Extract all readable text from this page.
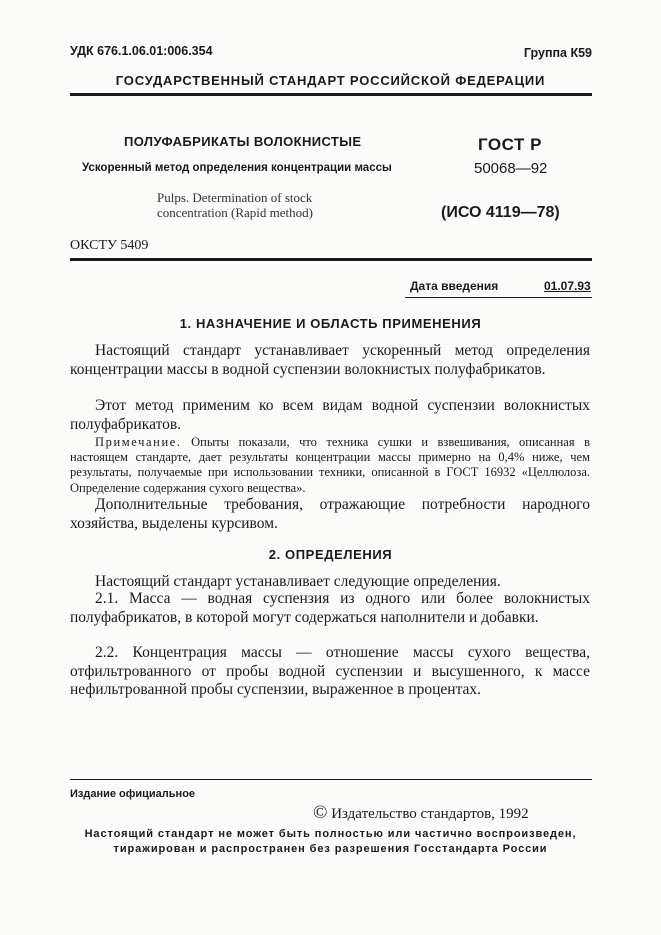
УДК 676.1.06.01:006.354	Группа К59
ГОСУДАРСТВЕННЫЙ СТАНДАРТ РОССИЙСКОЙ ФЕДЕРАЦИИ
ПОЛУФАБРИКАТЫ ВОЛОКНИСТЫЕ
Ускоренный метод определения концентрации массы
Pulps. Determination of stock
concentration (Rapid method)
ГОСТ Р
50068—92
(ИСО 4119—78)
ОКСТУ 5409
Дата введения	01.07.93
1. НАЗНАЧЕНИЕ И ОБЛАСТЬ ПРИМЕНЕНИЯ
Настоящий стандарт устанавливает ускоренный метод определения концентрации массы в водной суспензии волокнистых полуфабрикатов.
Этот метод применим ко всем видам водной суспензии волокнистых полуфабрикатов.
Примечание. Опыты показали, что техника сушки и взвешивания, описанная в настоящем стандарте, дает результаты концентрации массы примерно на 0,4% ниже, чем результаты, получаемые при использовании техники, описанной в ГОСТ 16932 «Целлюлоза. Определение содержания сухого вещества».
Дополнительные требования, отражающие потребности народного хозяйства, выделены курсивом.
2. ОПРЕДЕЛЕНИЯ
Настоящий стандарт устанавливает следующие определения.
2.1. Масса — водная суспензия из одного или более волокнистых полуфабрикатов, в которой могут содержаться наполнители и добавки.
2.2. Концентрация массы — отношение массы сухого вещества, отфильтрованного от пробы водной суспензии и высушенного, к массе нефильтрованной пробы суспензии, выраженное в процентах.
Издание официальное
© Издательство стандартов, 1992
Настоящий стандарт не может быть полностью или частично воспроизведен,
тиражирован и распространен без разрешения Госстандарта России
